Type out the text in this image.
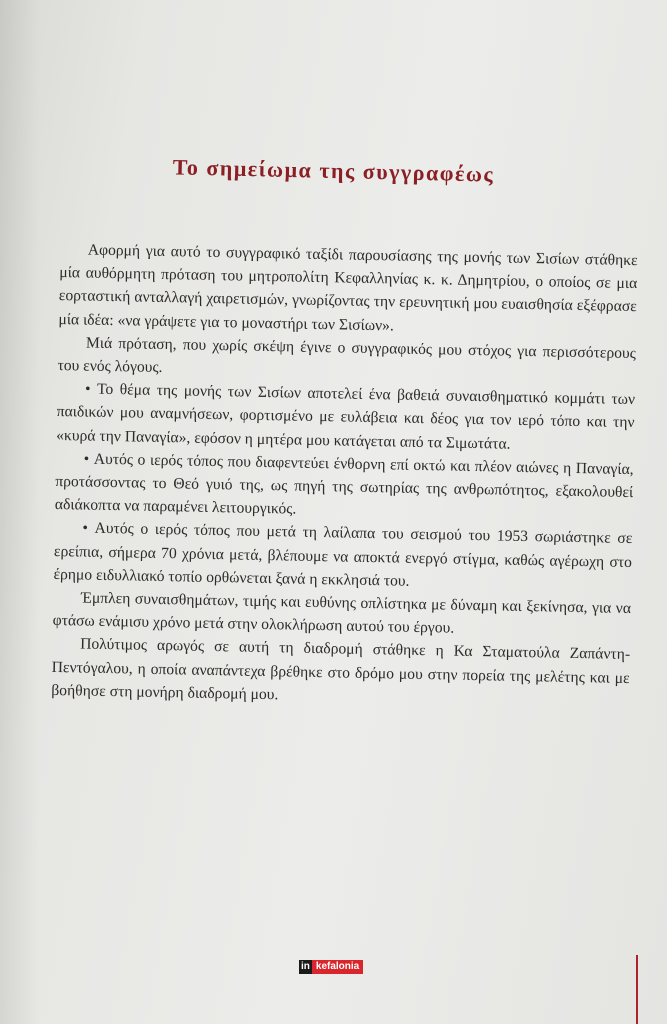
Το σημείωμα της συγγραφέως

Αφορμή για αυτό το συγγραφικό ταξίδι παρουσίασης της μονής των Σισίων στάθηκε μία αυθόρμητη πρόταση του μητροπολίτη Κεφαλληνίας κ. κ. Δημητρίου, ο οποίος σε μια εορταστική ανταλλαγή χαιρετισμών, γνωρίζοντας την ερευνητική μου ευαισθησία εξέφρασε μία ιδέα: «να γράψετε για το μοναστήρι των Σισίων».

Μιά πρόταση, που χωρίς σκέψη έγινε ο συγγραφικός μου στόχος για περισσότερους του ενός λόγους.

• Το θέμα της μονής των Σισίων αποτελεί ένα βαθειά συναισθηματικό κομμάτι των παιδικών μου αναμνήσεων, φορτισμένο με ευλάβεια και δέος για τον ιερό τόπο και την «κυρά την Παναγία», εφόσον η μητέρα μου κατάγεται από τα Σιμωτάτα.

• Αυτός ο ιερός τόπος που διαφεντεύει ένθορνη επί οκτώ και πλέον αιώνες η Παναγία, προτάσσοντας το Θεό γυιό της, ως πηγή της σωτηρίας της ανθρωπότητος, εξακολουθεί αδιάκοπτα να παραμένει λειτουργικός.

• Αυτός ο ιερός τόπος που μετά τη λαίλαπα του σεισμού του 1953 σωριάστηκε σε ερείπια, σήμερα 70 χρόνια μετά, βλέπουμε να αποκτά ενεργό στίγμα, καθώς αγέρωχη στο έρημο ειδυλλιακό τοπίο ορθώνεται ξανά η εκκλησιά του.

Έμπλεη συναισθημάτων, τιμής και ευθύνης οπλίστηκα με δύναμη και ξεκίνησα, για να φτάσω ενάμισυ χρόνο μετά στην ολοκλήρωση αυτού του έργου.

Πολύτιμος αρωγός σε αυτή τη διαδρομή στάθηκε η Κα Σταματούλα Ζαπάντη-Πεντόγαλου, η οποία αναπάντεχα βρέθηκε στο δρόμο μου στην πορεία της μελέτης και με βοήθησε στη μονήρη διαδρομή μου.

in kefalonia
